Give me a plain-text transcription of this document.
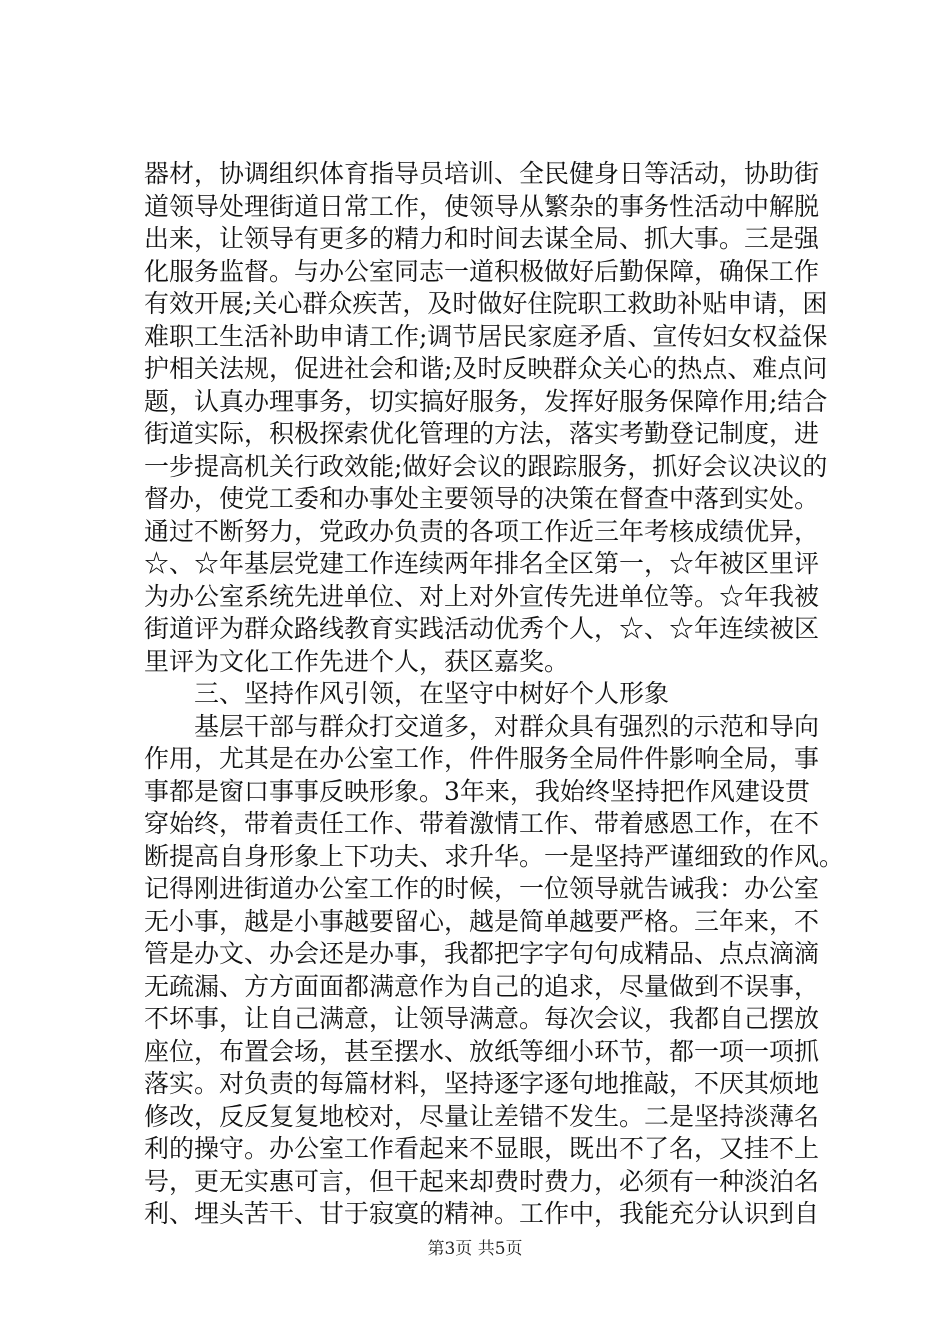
器材，协调组织体育指导员培训、全民健身日等活动，协助街
道领导处理街道日常工作，使领导从繁杂的事务性活动中解脱
出来，让领导有更多的精力和时间去谋全局、抓大事。三是强
化服务监督。与办公室同志一道积极做好后勤保障，确保工作
有效开展;关心群众疾苦，及时做好住院职工救助补贴申请，困
难职工生活补助申请工作;调节居民家庭矛盾、宣传妇女权益保
护相关法规，促进社会和谐;及时反映群众关心的热点、难点问
题，认真办理事务，切实搞好服务，发挥好服务保障作用;结合
街道实际，积极探索优化管理的方法，落实考勤登记制度，进
一步提高机关行政效能;做好会议的跟踪服务，抓好会议决议的
督办，使党工委和办事处主要领导的决策在督查中落到实处。
通过不断努力，党政办负责的各项工作近三年考核成绩优异，
☆、☆年基层党建工作连续两年排名全区第一，☆年被区里评
为办公室系统先进单位、对上对外宣传先进单位等。☆年我被
街道评为群众路线教育实践活动优秀个人，☆、☆年连续被区
里评为文化工作先进个人，获区嘉奖。
　　三、坚持作风引领，在坚守中树好个人形象
　　基层干部与群众打交道多，对群众具有强烈的示范和导向
作用，尤其是在办公室工作，件件服务全局件件影响全局，事
事都是窗口事事反映形象。3年来，我始终坚持把作风建设贯
穿始终，带着责任工作、带着激情工作、带着感恩工作，在不
断提高自身形象上下功夫、求升华。一是坚持严谨细致的作风。
记得刚进街道办公室工作的时候，一位领导就告诫我：办公室
无小事，越是小事越要留心，越是简单越要严格。三年来，不
管是办文、办会还是办事，我都把字字句句成精品、点点滴滴
无疏漏、方方面面都满意作为自己的追求，尽量做到不误事，
不坏事，让自己满意，让领导满意。每次会议，我都自己摆放
座位，布置会场，甚至摆水、放纸等细小环节，都一项一项抓
落实。对负责的每篇材料，坚持逐字逐句地推敲，不厌其烦地
修改，反反复复地校对，尽量让差错不发生。二是坚持淡薄名
利的操守。办公室工作看起来不显眼，既出不了名，又挂不上
号，更无实惠可言，但干起来却费时费力，必须有一种淡泊名
利、埋头苦干、甘于寂寞的精神。工作中，我能充分认识到自
第3页 共5页
